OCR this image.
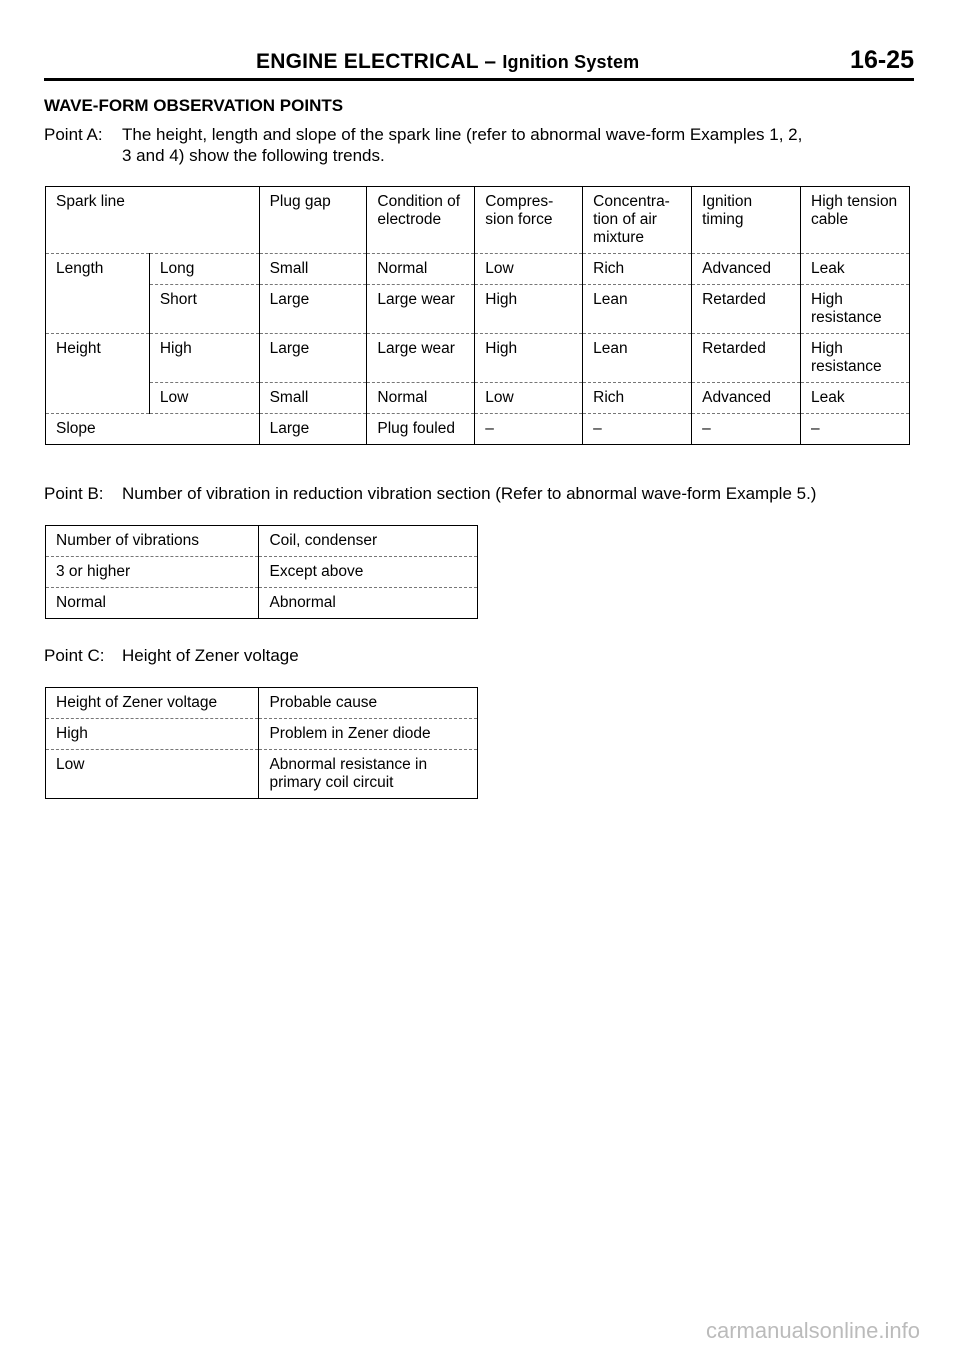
ENGINE ELECTRICAL – Ignition System	16-25
WAVE-FORM OBSERVATION POINTS
Point A: The height, length and slope of the spark line (refer to abnormal wave-form Examples 1, 2,
3 and 4) show the following trends.
Spark line		Plug gap	Condition of electrode	Compres- sion force	Concentra- tion of air mixture	Ignition timing	High tension cable
Length	Long	Small	Normal	Low	Rich	Advanced	Leak
	Short	Large	Large wear	High	Lean	Retarded	High resistance
Height	High	Large	Large wear	High	Lean	Retarded	High resistance
	Low	Small	Normal	Low	Rich	Advanced	Leak
Slope		Large	Plug fouled	–	–	–	–
Point B: Number of vibration in reduction vibration section (Refer to abnormal wave-form Example 5.)
Number of vibrations	Coil, condenser
3 or higher	Except above
Normal	Abnormal
Point C: Height of Zener voltage
Height of Zener voltage	Probable cause
High	Problem in Zener diode
Low	Abnormal resistance in primary coil circuit
carmanualsonline.info
